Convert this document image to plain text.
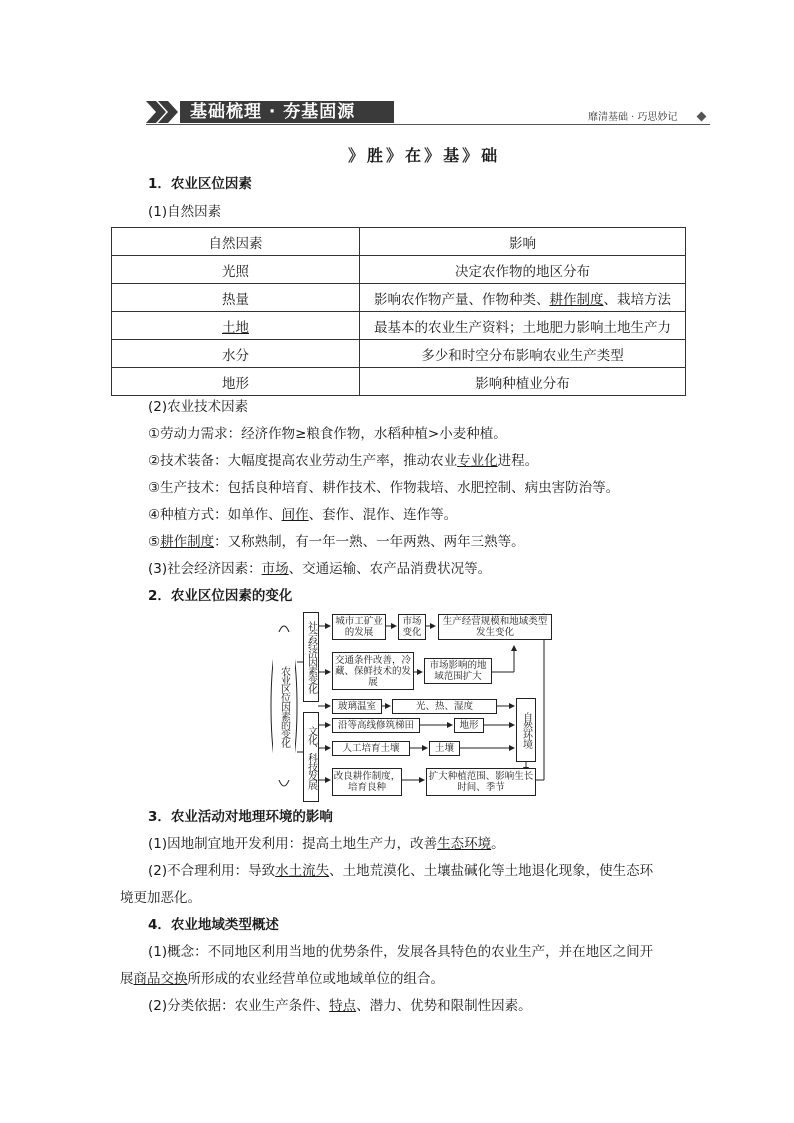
基础梳理 · 夯基固源	靡清基础 · 巧思妙记
》 胜 》 在 》 基 》 础
1．农业区位因素
(1)自然因素
自然因素	影响
光照	决定农作物的地区分布
热量	影响农作物产量、作物种类、耕作制度、栽培方法
土地	最基本的农业生产资料；土地肥力影响土地生产力
水分	多少和时空分布影响农业生产类型
地形	影响种植业分布
(2)农业技术因素
①劳动力需求：经济作物≥粮食作物，水稻种植>小麦种植。
②技术装备：大幅度提高农业劳动生产率，推动农业专业化进程。
③生产技术：包括良种培育、耕作技术、作物栽培、水肥控制、病虫害防治等。
④种植方式：如单作、间作、套作、混作、连作等。
⑤耕作制度：又称熟制，有一年一熟、一年两熟、两年三熟等。
(3)社会经济因素：市场、交通运输、农产品消费状况等。
2．农业区位因素的变化
农业区位因素的变化
社会经济因素变化
文化、科技发展
城市工矿业的发展
市场变化
生产经营规模和地域类型发生变化
交通条件改善，冷藏、保鲜技术的发展
市场影响的地域范围扩大
玻璃温室	光、热、湿度
沿等高线修筑梯田	地形
人工培育土壤	土壤
自然环境
改良耕作制度，培育良种
扩大种植范围、影响生长时间、季节
3．农业活动对地理环境的影响
(1)因地制宜地开发利用：提高土地生产力，改善生态环境。
(2)不合理利用：导致水土流失、土地荒漠化、土壤盐碱化等土地退化现象，使生态环
境更加恶化。
4．农业地域类型概述
(1)概念：不同地区利用当地的优势条件，发展各具特色的农业生产，并在地区之间开
展商品交换所形成的农业经营单位或地域单位的组合。
(2)分类依据：农业生产条件、特点、潜力、优势和限制性因素。
